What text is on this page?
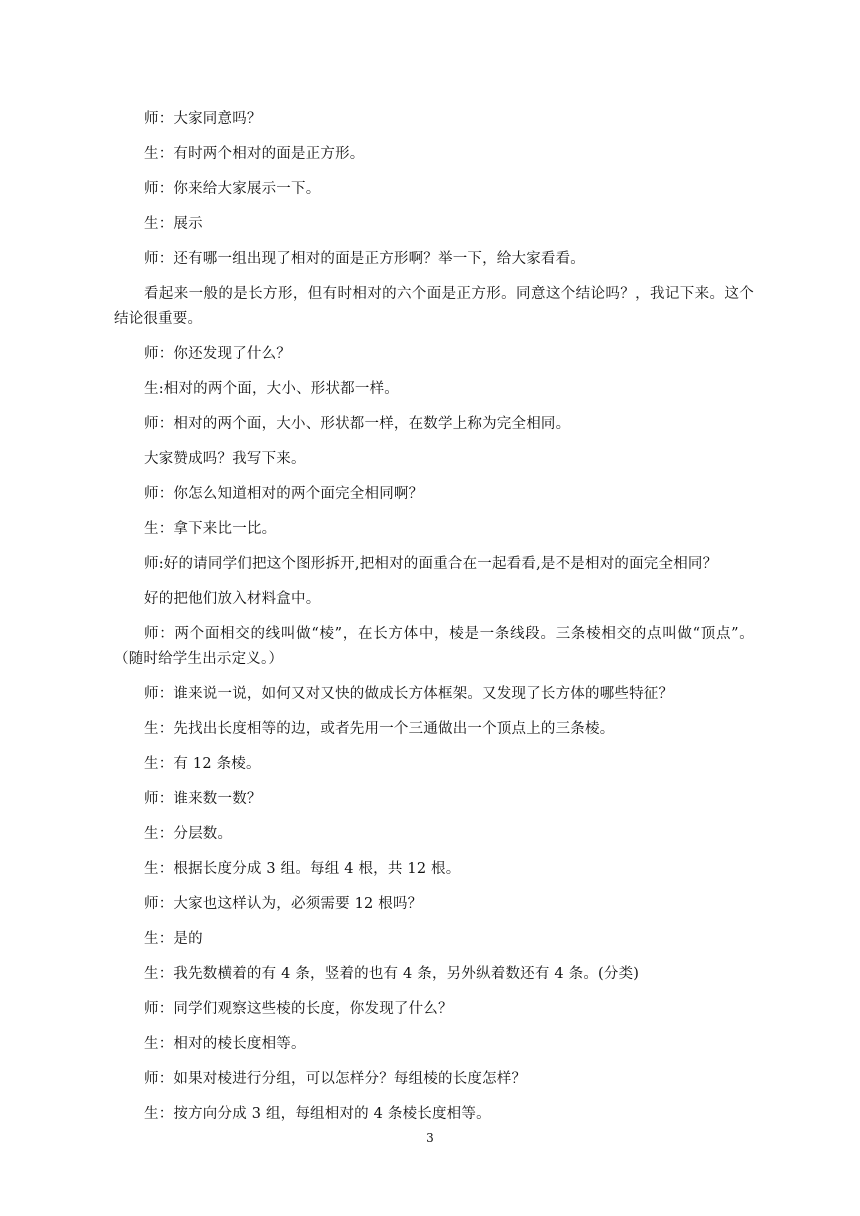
师：大家同意吗？

生：有时两个相对的面是正方形。

师：你来给大家展示一下。

生：展示

师：还有哪一组出现了相对的面是正方形啊？举一下，给大家看看。

看起来一般的是长方形，但有时相对的六个面是正方形。同意这个结论吗？，我记下来。这个结论很重要。

师：你还发现了什么？

生:相对的两个面，大小、形状都一样。

师：相对的两个面，大小、形状都一样，在数学上称为完全相同。

大家赞成吗？我写下来。

师：你怎么知道相对的两个面完全相同啊？

生：拿下来比一比。

师:好的请同学们把这个图形拆开,把相对的面重合在一起看看,是不是相对的面完全相同？

好的把他们放入材料盒中。

师：两个面相交的线叫做“棱”，在长方体中，棱是一条线段。三条棱相交的点叫做“顶点”。（随时给学生出示定义。）

师：谁来说一说，如何又对又快的做成长方体框架。又发现了长方体的哪些特征？

生：先找出长度相等的边，或者先用一个三通做出一个顶点上的三条棱。

生：有 12 条棱。

师：谁来数一数？

生：分层数。

生：根据长度分成 3 组。每组 4 根，共 12 根。

师：大家也这样认为，必须需要 12 根吗？

生：是的

生：我先数横着的有 4 条，竖着的也有 4 条，另外纵着数还有 4 条。(分类)

师：同学们观察这些棱的长度，你发现了什么？

生：相对的棱长度相等。

师：如果对棱进行分组，可以怎样分？每组棱的长度怎样？

生：按方向分成 3 组，每组相对的 4 条棱长度相等。

3
